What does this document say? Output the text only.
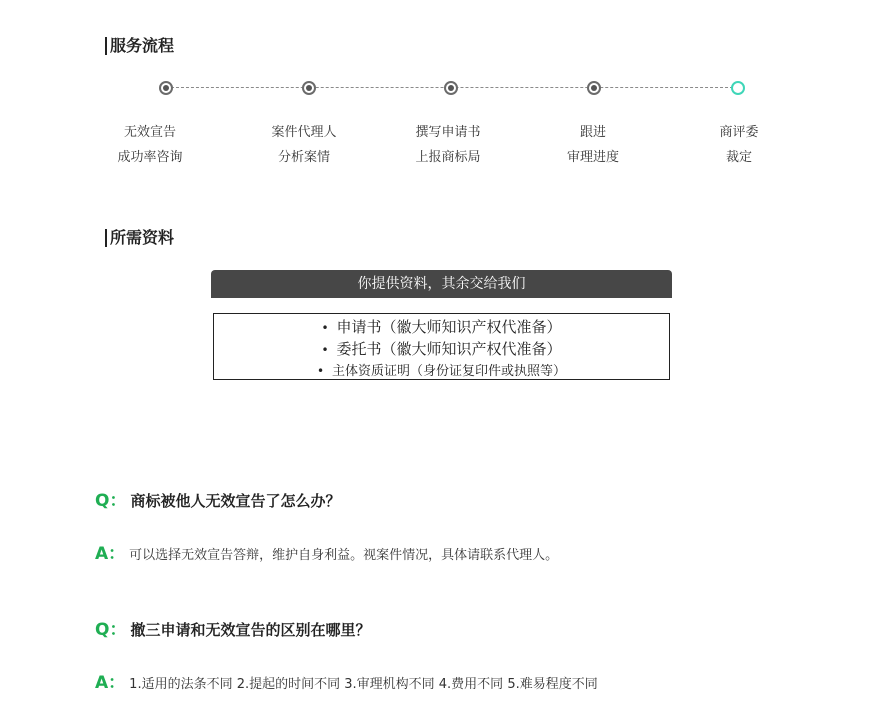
服务流程
无效宣告
成功率咨询
案件代理人
分析案情
撰写申请书
上报商标局
跟进
审理进度
商评委
裁定
所需资料
你提供资料，其余交给我们
• 申请书（徽大师知识产权代准备）
• 委托书（徽大师知识产权代准备）
• 主体资质证明（身份证复印件或执照等）
Q： 商标被他人无效宣告了怎么办？
A： 可以选择无效宣告答辩，维护自身利益。视案件情况，具体请联系代理人。
Q： 撤三申请和无效宣告的区别在哪里？
A： 1.适用的法条不同 2.提起的时间不同 3.审理机构不同 4.费用不同 5.难易程度不同
